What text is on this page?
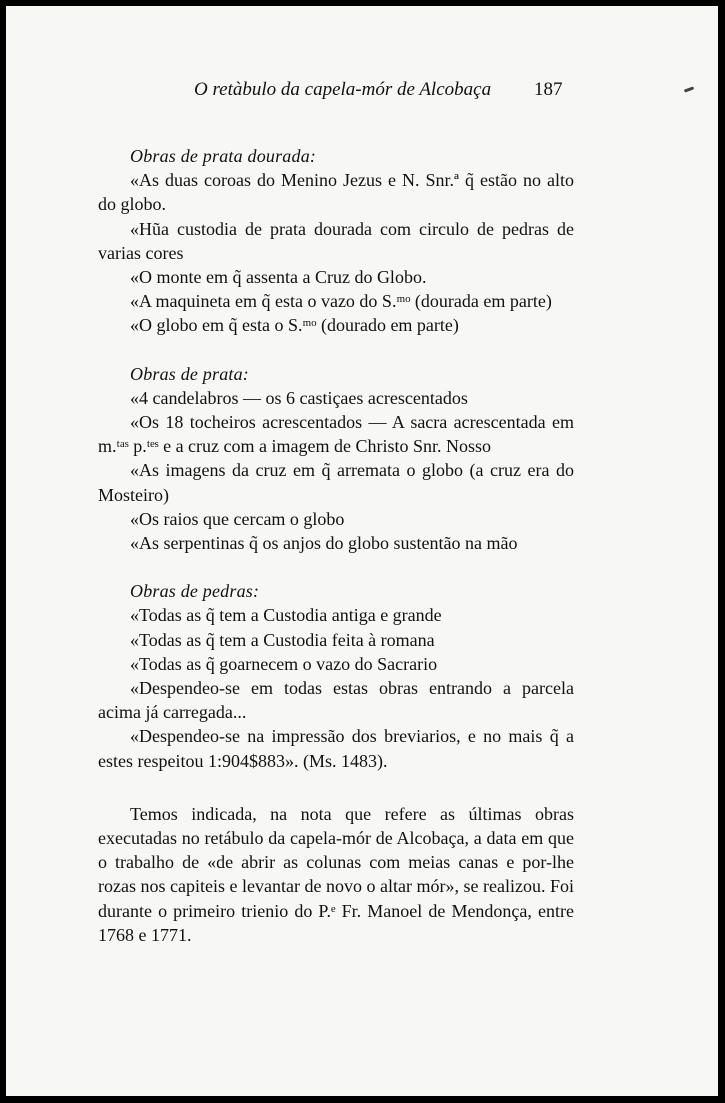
O retàbulo da capela-mór de Alcobaça 187

Obras de prata dourada:

«As duas coroas do Menino Jezus e N. Snr.ª q̃ estão no alto do globo.

«Hũa custodia de prata dourada com circulo de pedras de varias cores

«O monte em q̃ assenta a Cruz do Globo.

«A maquineta em q̃ esta o vazo do S.ᵐᵒ (dourada em parte)

«O globo em q̃ esta o S.ᵐᵒ (dourado em parte)

Obras de prata:

«4 candelabros — os 6 castiçaes acrescentados

«Os 18 tocheiros acrescentados — A sacra acrescentada em m.ᵗᵃˢ p.ᵗᵉˢ e a cruz com a imagem de Christo Snr. Nosso

«As imagens da cruz em q̃ arremata o globo (a cruz era do Mosteiro)

«Os raios que cercam o globo

«As serpentinas q̃ os anjos do globo sustentão na mão

Obras de pedras:

«Todas as q̃ tem a Custodia antiga e grande

«Todas as q̃ tem a Custodia feita à romana

«Todas as q̃ goarnecem o vazo do Sacrario

«Despendeo-se em todas estas obras entrando a parcela acima já carregada...

«Despendeo-se na impressão dos breviarios, e no mais q̃ a estes respeitou 1:904$883». (Ms. 1483).

Temos indicada, na nota que refere as últimas obras executadas no retábulo da capela-mór de Alcobaça, a data em que o trabalho de «de abrir as colunas com meias canas e por-lhe rozas nos capiteis e levantar de novo o altar mór», se realizou. Foi durante o primeiro trienio do P.ᵉ Fr. Manoel de Mendonça, entre 1768 e 1771.
